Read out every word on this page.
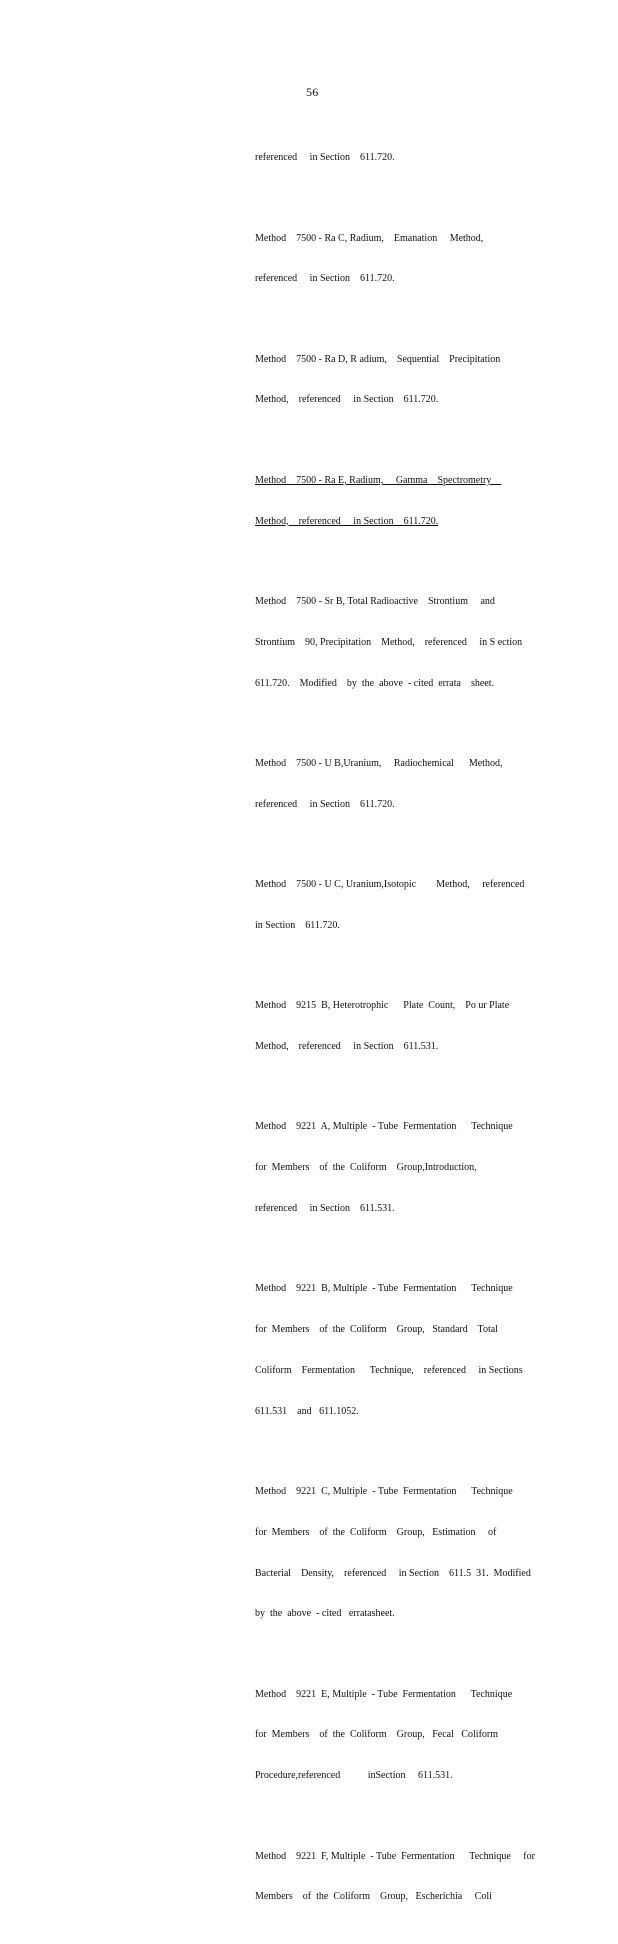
56

referenced     in Section    611.720.

Method    7500 - Ra C, Radium,    Emanation     Method,

referenced     in Section    611.720.

Method    7500 - Ra D, R adium,    Sequential    Precipitation

Method,    referenced     in Section    611.720.

Method    7500 - Ra E, Radium,     Gamma    Spectrometry

Method,    referenced     in Section    611.720.

Method    7500 - Sr B, Total Radioactive    Strontium     and

Strontium    90, Precipitation    Method,    referenced     in S ection

611.720.    Modified    by  the  above  - cited  errata    sheet.

Method    7500 - U B,Uranium,     Radiochemical      Method,

referenced     in Section    611.720.

Method    7500 - U C, Uranium,Isotopic        Method,     referenced

in Section    611.720.

Method    9215  B, Heterotrophic      Plate  Count,    Po ur Plate

Method,    referenced     in Section    611.531.

Method    9221  A, Multiple  - Tube  Fermentation      Technique

for  Members    of  the  Coliform    Group,Introduction,

referenced     in Section    611.531.

Method    9221  B, Multiple  - Tube  Fermentation      Technique

for  Members    of  the  Coliform    Group,   Standard    Total

Coliform    Fermentation      Technique,    referenced     in Sections

611.531    and   611.1052.

Method    9221  C, Multiple  - Tube  Fermentation      Technique

for  Members    of  the  Coliform    Group,   Estimation     of

Bacterial    Density,    referenced     in Section    611.5  31.  Modified

by  the  above  - cited   erratasheet.

Method    9221  E, Multiple  - Tube  Fermentation      Technique

for  Members    of  the  Coliform    Group,   Fecal   Coliform

Procedure,referenced           inSection     611.531.

Method    9221  F, Multiple  - Tube  Fermentation      Technique     for

Members    of  the  Coliform    Group,   Escherichia     Coli
